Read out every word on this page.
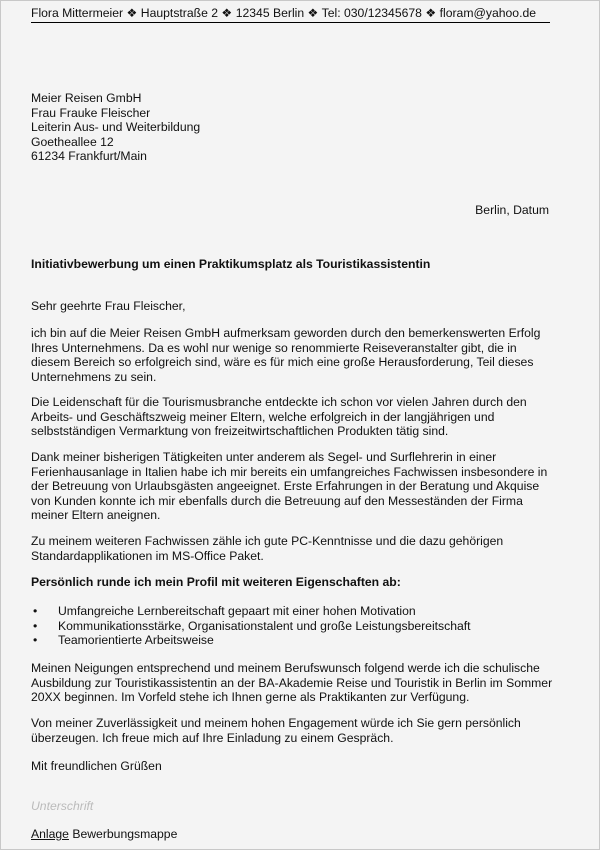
Flora Mittermeier ❖ Hauptstraße 2 ❖ 12345 Berlin ❖ Tel: 030/12345678 ❖ floram@yahoo.de
Meier Reisen GmbH
Frau Frauke Fleischer
Leiterin Aus- und Weiterbildung
Goetheallee 12
61234 Frankfurt/Main
Berlin, Datum
Initiativbewerbung um einen Praktikumsplatz als Touristikassistentin
Sehr geehrte Frau Fleischer,
ich bin auf die Meier Reisen GmbH aufmerksam geworden durch den bemerkenswerten Erfolg
Ihres Unternehmens. Da es wohl nur wenige so renommierte Reiseveranstalter gibt, die in
diesem Bereich so erfolgreich sind, wäre es für mich eine große Herausforderung, Teil dieses
Unternehmens zu sein.
Die Leidenschaft für die Tourismusbranche entdeckte ich schon vor vielen Jahren durch den
Arbeits- und Geschäftszweig meiner Eltern, welche erfolgreich in der langjährigen und
selbstständigen Vermarktung von freizeitwirtschaftlichen Produkten tätig sind.
Dank meiner bisherigen Tätigkeiten unter anderem als Segel- und Surflehrerin in einer
Ferienhausanlage in Italien habe ich mir bereits ein umfangreiches Fachwissen insbesondere in
der Betreuung von Urlaubsgästen angeeignet. Erste Erfahrungen in der Beratung und Akquise
von Kunden konnte ich mir ebenfalls durch die Betreuung auf den Messeständen der Firma
meiner Eltern aneignen.
Zu meinem weiteren Fachwissen zähle ich gute PC-Kenntnisse und die dazu gehörigen
Standardapplikationen im MS-Office Paket.
Persönlich runde ich mein Profil mit weiteren Eigenschaften ab:
• Umfangreiche Lernbereitschaft gepaart mit einer hohen Motivation
• Kommunikationsstärke, Organisationstalent und große Leistungsbereitschaft
• Teamorientierte Arbeitsweise
Meinen Neigungen entsprechend und meinem Berufswunsch folgend werde ich die schulische
Ausbildung zur Touristikassistentin an der BA-Akademie Reise und Touristik in Berlin im Sommer
20XX beginnen. Im Vorfeld stehe ich Ihnen gerne als Praktikanten zur Verfügung.
Von meiner Zuverlässigkeit und meinem hohen Engagement würde ich Sie gern persönlich
überzeugen. Ich freue mich auf Ihre Einladung zu einem Gespräch.
Mit freundlichen Grüßen
Unterschrift
Anlage Bewerbungsmappe
